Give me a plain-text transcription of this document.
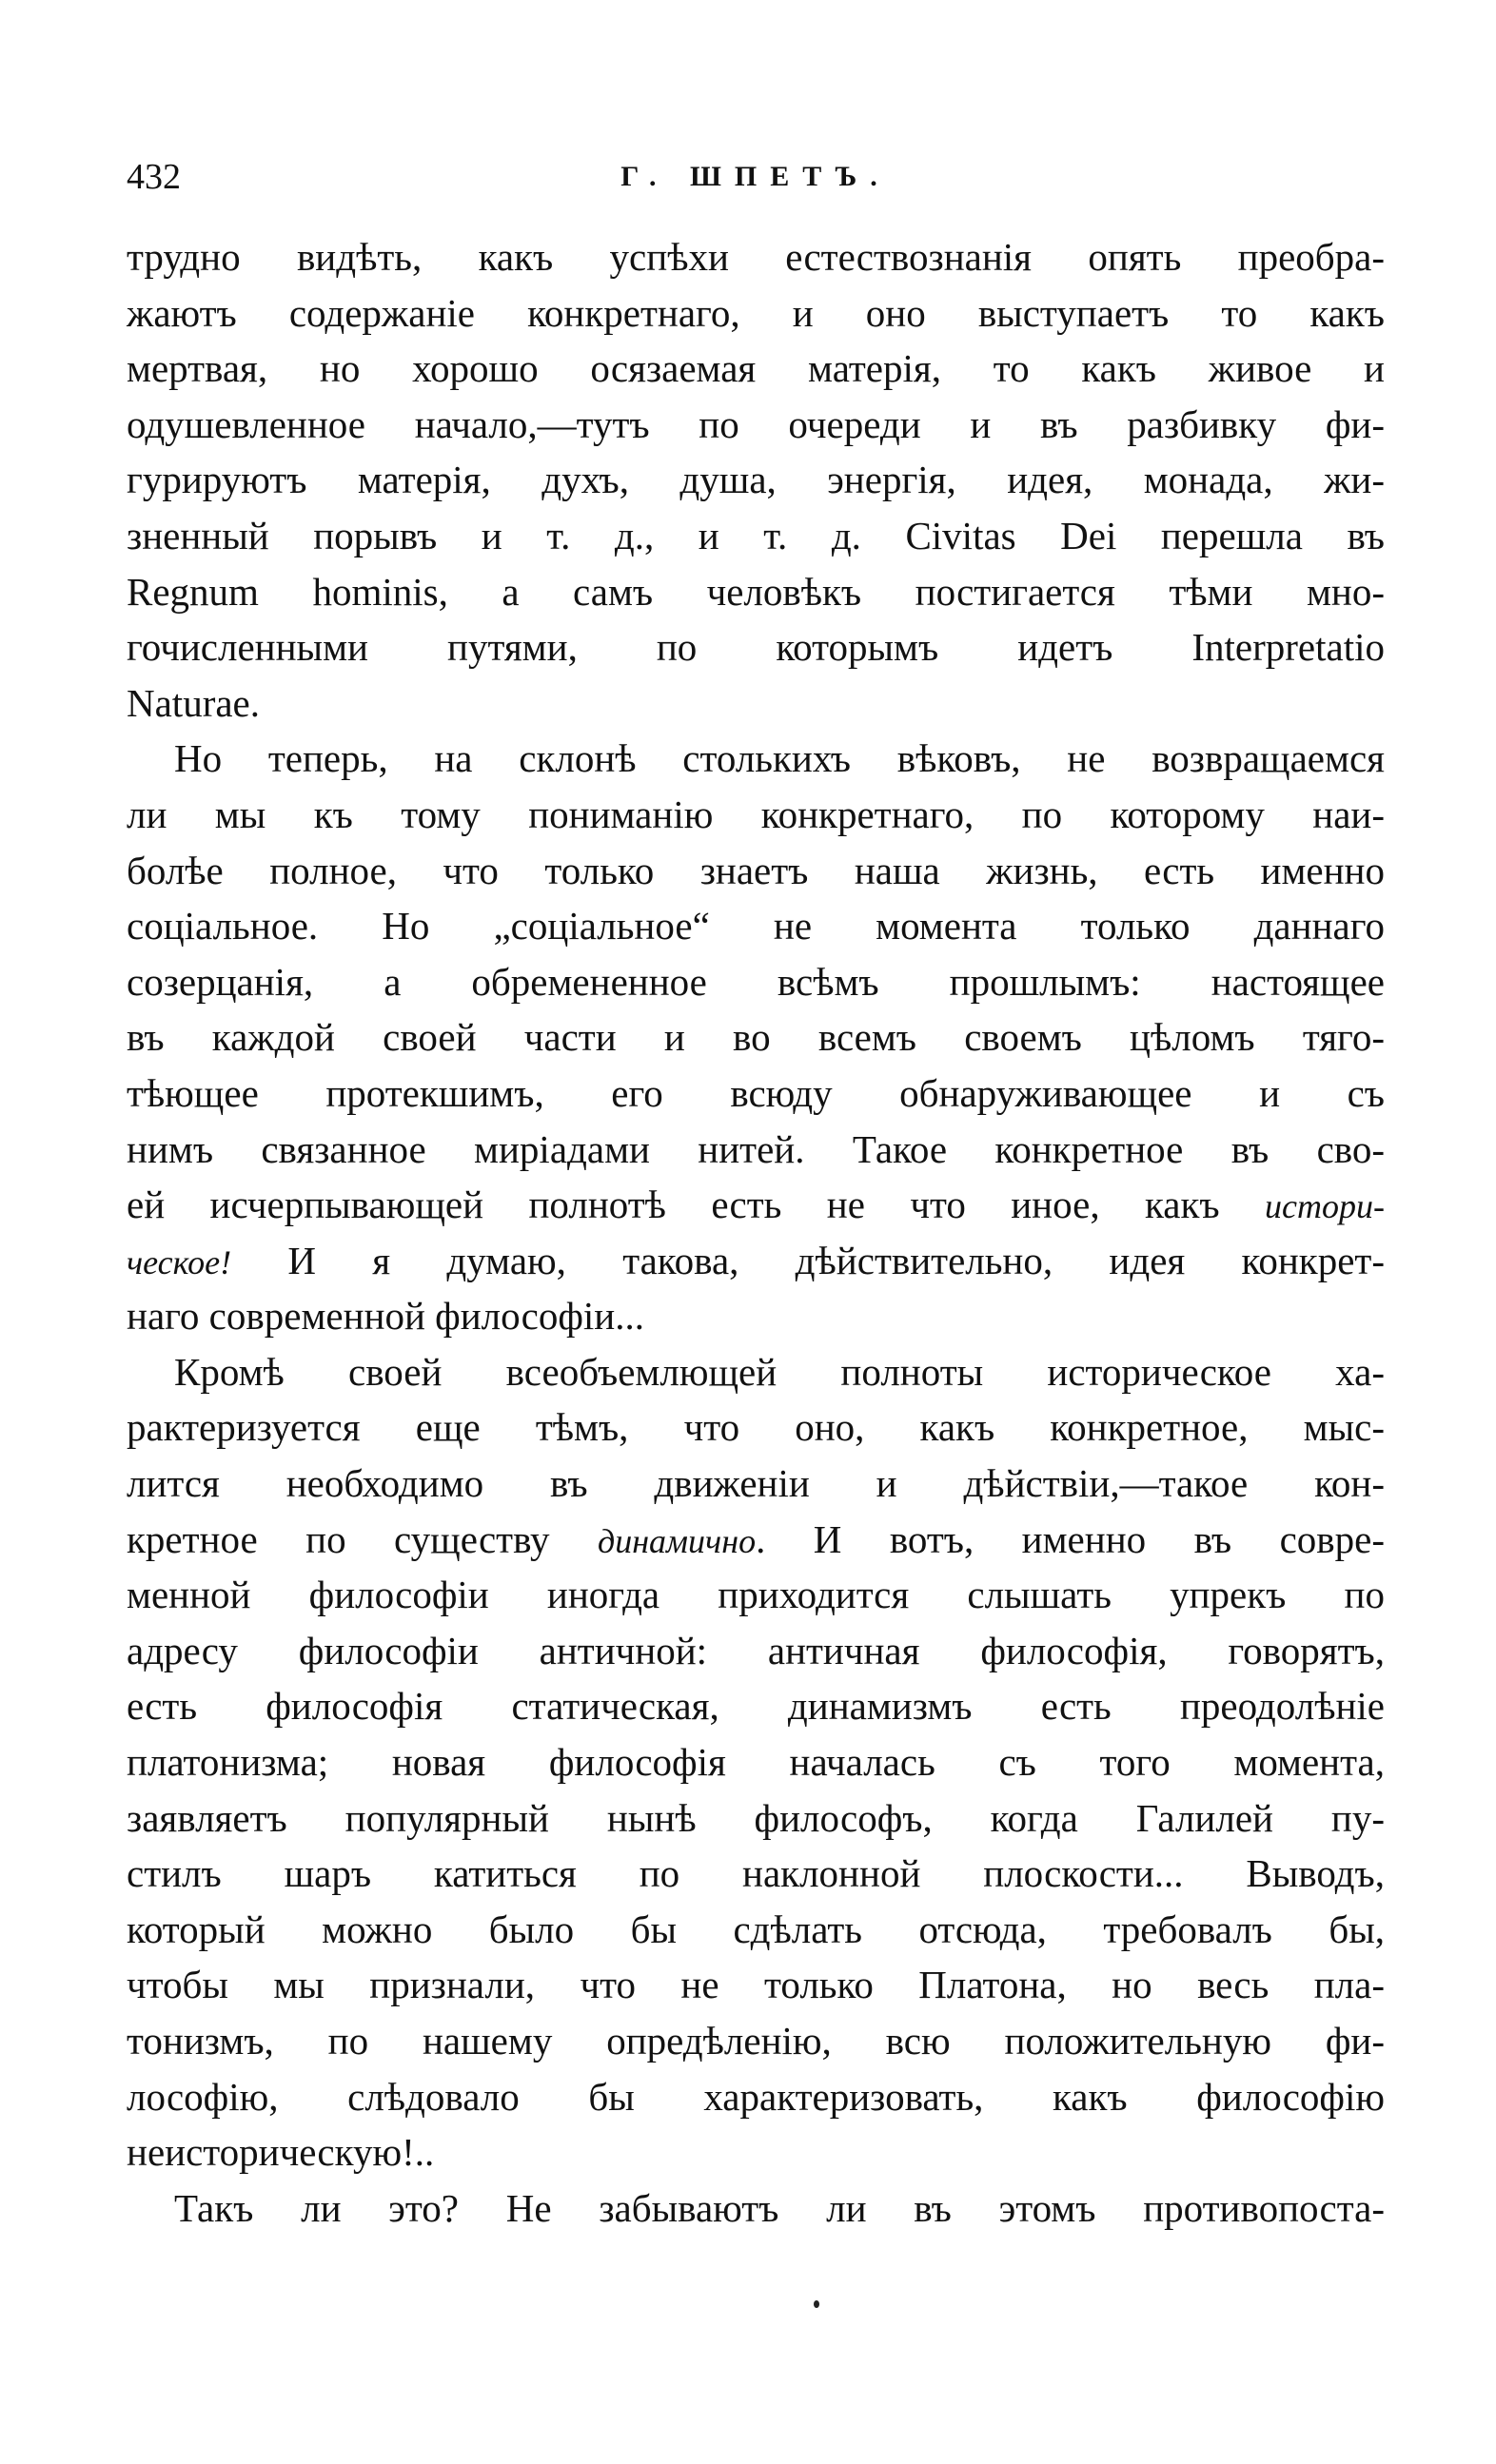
432	Г. ШПЕТЪ.
трудно видѣть, какъ успѣхи естествознанія опять преобра-
жаютъ содержаніе конкретнаго, и оно выступаетъ то какъ
мертвая, но хорошо осязаемая матерія, то какъ живое и
одушевленное начало,—тутъ по очереди и въ разбивку фи-
гурируютъ матерія, духъ, душа, энергія, идея, монада, жи-
зненный порывъ и т. д., и т. д. Civitas Dei перешла въ
Regnum hominis, а самъ человѣкъ постигается тѣми мно-
гочисленными путями, по которымъ идетъ Interpretatio
Naturae.
Но теперь, на склонѣ столькихъ вѣковъ, не возвращаемся
ли мы къ тому пониманію конкретнаго, по которому наи-
болѣе полное, что только знаетъ наша жизнь, есть именно
соціальное. Но „соціальное“ не момента только даннаго
созерцанія, а обремененное всѣмъ прошлымъ: настоящее
въ каждой своей части и во всемъ своемъ цѣломъ тяго-
тѣющее протекшимъ, его всюду обнаруживающее и съ
нимъ связанное миріадами нитей. Такое конкретное въ сво-
ей исчерпывающей полнотѣ есть не что иное, какъ истори-
ческое! И я думаю, такова, дѣйствительно, идея конкрет-
наго современной философіи...
Кромѣ своей всеобъемлющей полноты историческое ха-
рактеризуется еще тѣмъ, что оно, какъ конкретное, мыс-
лится необходимо въ движеніи и дѣйствіи,—такое кон-
кретное по существу динамично. И вотъ, именно въ совре-
менной философіи иногда приходится слышать упрекъ по
адресу философіи античной: античная философія, говорятъ,
есть философія статическая, динамизмъ есть преодолѣніе
платонизма; новая философія началась съ того момента,
заявляетъ популярный нынѣ философъ, когда Галилей пу-
стилъ шаръ катиться по наклонной плоскости... Выводъ,
который можно было бы сдѣлать отсюда, требовалъ бы,
чтобы мы признали, что не только Платона, но весь пла-
тонизмъ, по нашему опредѣленію, всю положительную фи-
лософію, слѣдовало бы характеризовать, какъ философію
неисторическую!..
Такъ ли это? Не забываютъ ли въ этомъ противопоста-
